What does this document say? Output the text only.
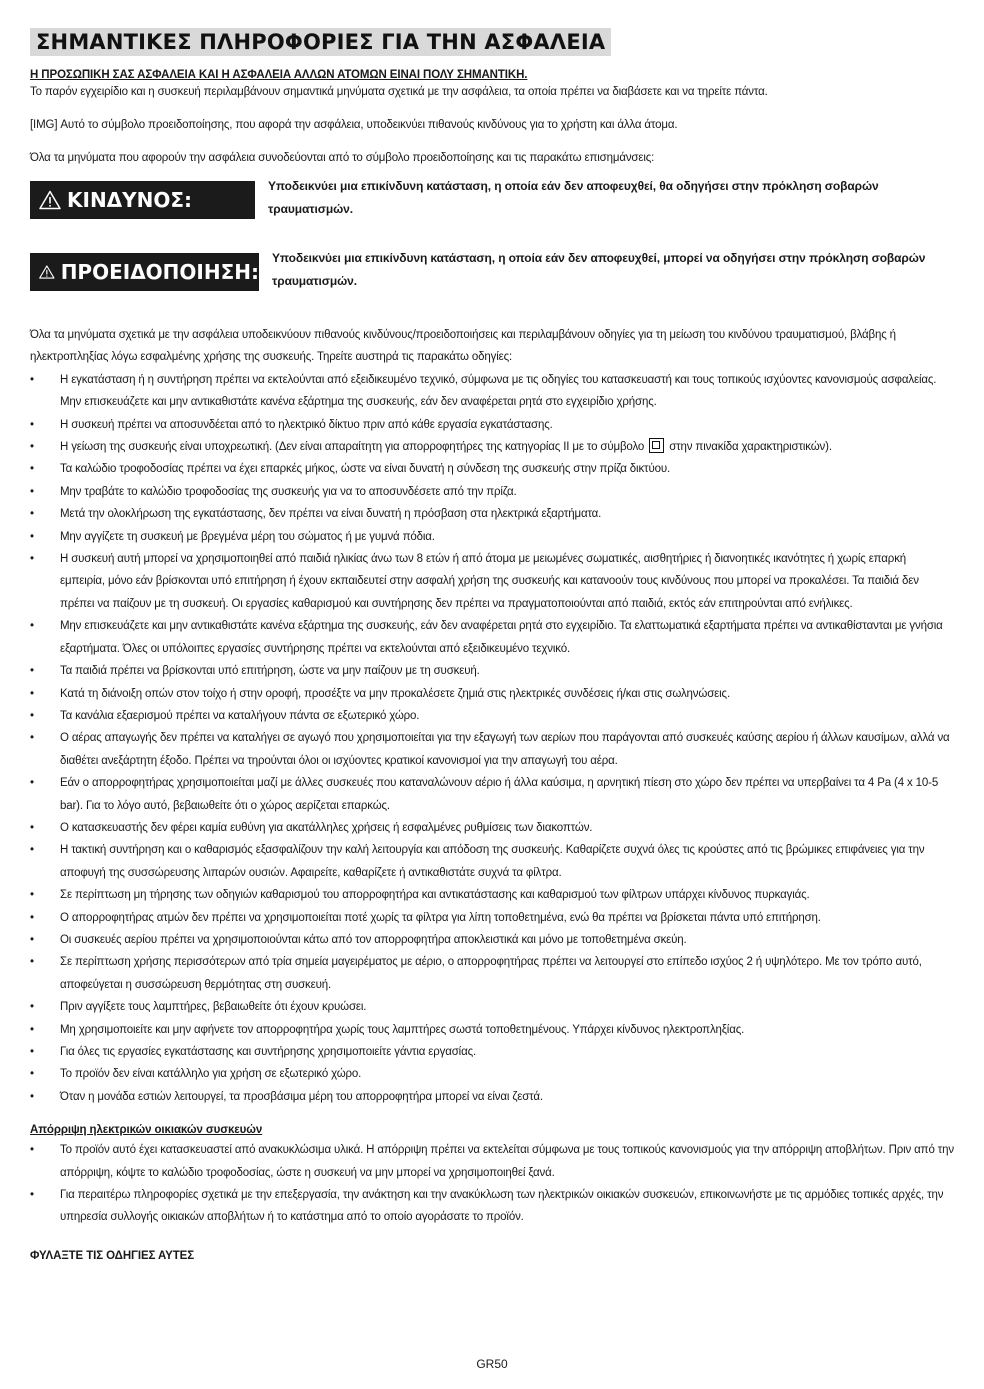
ΣΗΜΑΝΤΙΚΕΣ ΠΛΗΡΟΦΟΡΙΕΣ ΓΙΑ ΤΗΝ ΑΣΦΑΛΕΙΑ
Η ΠΡΟΣΩΠΙΚΗ ΣΑΣ ΑΣΦΑΛΕΙΑ ΚΑΙ Η ΑΣΦΑΛΕΙΑ ΑΛΛΩΝ ΑΤΟΜΩΝ ΕΙΝΑΙ ΠΟΛΥ ΣΗΜΑΝΤΙΚΗ.

Το παρόν εγχειρίδιο και η συσκευή περιλαμβάνουν σημαντικά μηνύματα σχετικά με την ασφάλεια, τα οποία πρέπει να διαβάσετε και να τηρείτε πάντα.

[IMG] Αυτό το σύμβολο προειδοποίησης, που αφορά την ασφάλεια, υποδεικνύει πιθανούς κινδύνους για το χρήστη και άλλα άτομα.

Όλα τα μηνύματα που αφορούν την ασφάλεια συνοδεύονται από το σύμβολο προειδοποίησης και τις παρακάτω επισημάνσεις:

ΚΙΝΔΥΝΟΣ:
Υποδεικνύει μια επικίνδυνη κατάσταση, η οποία εάν δεν αποφευχθεί, θα οδηγήσει στην πρόκληση σοβαρών τραυματισμών.
ΠΡΟΕΙΔΟΠΟΙΗΣΗ:
Υποδεικνύει μια επικίνδυνη κατάσταση, η οποία εάν δεν αποφευχθεί, μπορεί να οδηγήσει στην πρόκληση σοβαρών τραυματισμών.

Όλα τα μηνύματα σχετικά με την ασφάλεια υποδεικνύουν πιθανούς κινδύνους/προειδοποιήσεις και περιλαμβάνουν οδηγίες για τη μείωση του κινδύνου τραυματισμού, βλάβης ή ηλεκτροπληξίας λόγω εσφαλμένης χρήσης της συσκευής. Τηρείτε αυστηρά τις παρακάτω οδηγίες:

• Η εγκατάσταση ή η συντήρηση πρέπει να εκτελούνται από εξειδικευμένο τεχνικό, σύμφωνα με τις οδηγίες του κατασκευαστή και τους τοπικούς ισχύοντες κανονισμούς ασφαλείας. Μην επισκευάζετε και μην αντικαθιστάτε κανένα εξάρτημα της συσκευής, εάν δεν αναφέρεται ρητά στο εγχειρίδιο χρήσης.
• Η συσκευή πρέπει να αποσυνδέεται από το ηλεκτρικό δίκτυο πριν από κάθε εργασία εγκατάστασης.
• Η γείωση της συσκευής είναι υποχρεωτική. (Δεν είναι απαραίτητη για απορροφητήρες της κατηγορίας ΙΙ με το σύμβολο στην πινακίδα χαρακτηριστικών).
• Τα καλώδιο τροφοδοσίας πρέπει να έχει επαρκές μήκος, ώστε να είναι δυνατή η σύνδεση της συσκευής στην πρίζα δικτύου.
• Μην τραβάτε το καλώδιο τροφοδοσίας της συσκευής για να το αποσυνδέσετε από την πρίζα.
• Μετά την ολοκλήρωση της εγκατάστασης, δεν πρέπει να είναι δυνατή η πρόσβαση στα ηλεκτρικά εξαρτήματα.
• Μην αγγίζετε τη συσκευή με βρεγμένα μέρη του σώματος ή με γυμνά πόδια.
• Η συσκευή αυτή μπορεί να χρησιμοποιηθεί από παιδιά ηλικίας άνω των 8 ετών ή από άτομα με μειωμένες σωματικές, αισθητήριες ή διανοητικές ικανότητες ή χωρίς επαρκή εμπειρία, μόνο εάν βρίσκονται υπό επιτήρηση ή έχουν εκπαιδευτεί στην ασφαλή χρήση της συσκευής και κατανοούν τους κινδύνους που μπορεί να προκαλέσει. Τα παιδιά δεν πρέπει να παίζουν με τη συσκευή. Οι εργασίες καθαρισμού και συντήρησης δεν πρέπει να πραγματοποιούνται από παιδιά, εκτός εάν επιτηρούνται από ενήλικες.
• Μην επισκευάζετε και μην αντικαθιστάτε κανένα εξάρτημα της συσκευής, εάν δεν αναφέρεται ρητά στο εγχειρίδιο. Τα ελαττωματικά εξαρτήματα πρέπει να αντικαθίστανται με γνήσια εξαρτήματα. Όλες οι υπόλοιπες εργασίες συντήρησης πρέπει να εκτελούνται από εξειδικευμένο τεχνικό.
• Τα παιδιά πρέπει να βρίσκονται υπό επιτήρηση, ώστε να μην παίζουν με τη συσκευή.
• Κατά τη διάνοιξη οπών στον τοίχο ή στην οροφή, προσέξτε να μην προκαλέσετε ζημιά στις ηλεκτρικές συνδέσεις ή/και στις σωληνώσεις.
• Τα κανάλια εξαερισμού πρέπει να καταλήγουν πάντα σε εξωτερικό χώρο.
• Ο αέρας απαγωγής δεν πρέπει να καταλήγει σε αγωγό που χρησιμοποιείται για την εξαγωγή των αερίων που παράγονται από συσκευές καύσης αερίου ή άλλων καυσίμων, αλλά να διαθέτει ανεξάρτητη έξοδο. Πρέπει να τηρούνται όλοι οι ισχύοντες κρατικοί κανονισμοί για την απαγωγή του αέρα.
• Εάν ο απορροφητήρας χρησιμοποιείται μαζί με άλλες συσκευές που καταναλώνουν αέριο ή άλλα καύσιμα, η αρνητική πίεση στο χώρο δεν πρέπει να υπερβαίνει τα 4 Pa (4 x 10-5 bar). Για το λόγο αυτό, βεβαιωθείτε ότι ο χώρος αερίζεται επαρκώς.
• Ο κατασκευαστής δεν φέρει καμία ευθύνη για ακατάλληλες χρήσεις ή εσφαλμένες ρυθμίσεις των διακοπτών.
• Η τακτική συντήρηση και ο καθαρισμός εξασφαλίζουν την καλή λειτουργία και απόδοση της συσκευής. Καθαρίζετε συχνά όλες τις κρούστες από τις βρώμικες επιφάνειες για την αποφυγή της συσσώρευσης λιπαρών ουσιών. Αφαιρείτε, καθαρίζετε ή αντικαθιστάτε συχνά τα φίλτρα.
• Σε περίπτωση μη τήρησης των οδηγιών καθαρισμού του απορροφητήρα και αντικατάστασης και καθαρισμού των φίλτρων υπάρχει κίνδυνος πυρκαγιάς.
• Ο απορροφητήρας ατμών δεν πρέπει να χρησιμοποιείται ποτέ χωρίς τα φίλτρα για λίπη τοποθετημένα, ενώ θα πρέπει να βρίσκεται πάντα υπό επιτήρηση.
• Οι συσκευές αερίου πρέπει να χρησιμοποιούνται κάτω από τον απορροφητήρα αποκλειστικά και μόνο με τοποθετημένα σκεύη.
• Σε περίπτωση χρήσης περισσότερων από τρία σημεία μαγειρέματος με αέριο, ο απορροφητήρας πρέπει να λειτουργεί στο επίπεδο ισχύος 2 ή υψηλότερο. Με τον τρόπο αυτό, αποφεύγεται η συσσώρευση θερμότητας στη συσκευή.
• Πριν αγγίξετε τους λαμπτήρες, βεβαιωθείτε ότι έχουν κρυώσει.
• Μη χρησιμοποιείτε και μην αφήνετε τον απορροφητήρα χωρίς τους λαμπτήρες σωστά τοποθετημένους. Υπάρχει κίνδυνος ηλεκτροπληξίας.
• Για όλες τις εργασίες εγκατάστασης και συντήρησης χρησιμοποιείτε γάντια εργασίας.
• Το προϊόν δεν είναι κατάλληλο για χρήση σε εξωτερικό χώρο.
• Όταν η μονάδα εστιών λειτουργεί, τα προσβάσιμα μέρη του απορροφητήρα μπορεί να είναι ζεστά.
Απόρριψη ηλεκτρικών οικιακών συσκευών
• Το προϊόν αυτό έχει κατασκευαστεί από ανακυκλώσιμα υλικά. Η απόρριψη πρέπει να εκτελείται σύμφωνα με τους τοπικούς κανονισμούς για την απόρριψη αποβλήτων. Πριν από την απόρριψη, κόψτε το καλώδιο τροφοδοσίας, ώστε η συσκευή να μην μπορεί να χρησιμοποιηθεί ξανά.
• Για περαιτέρω πληροφορίες σχετικά με την επεξεργασία, την ανάκτηση και την ανακύκλωση των ηλεκτρικών οικιακών συσκευών, επικοινωνήστε με τις αρμόδιες τοπικές αρχές, την υπηρεσία συλλογής οικιακών αποβλήτων ή το κατάστημα από το οποίο αγοράσατε το προϊόν.
ΦΥΛΑΞΤΕ ΤΙΣ ΟΔΗΓΙΕΣ ΑΥΤΕΣ
GR50
